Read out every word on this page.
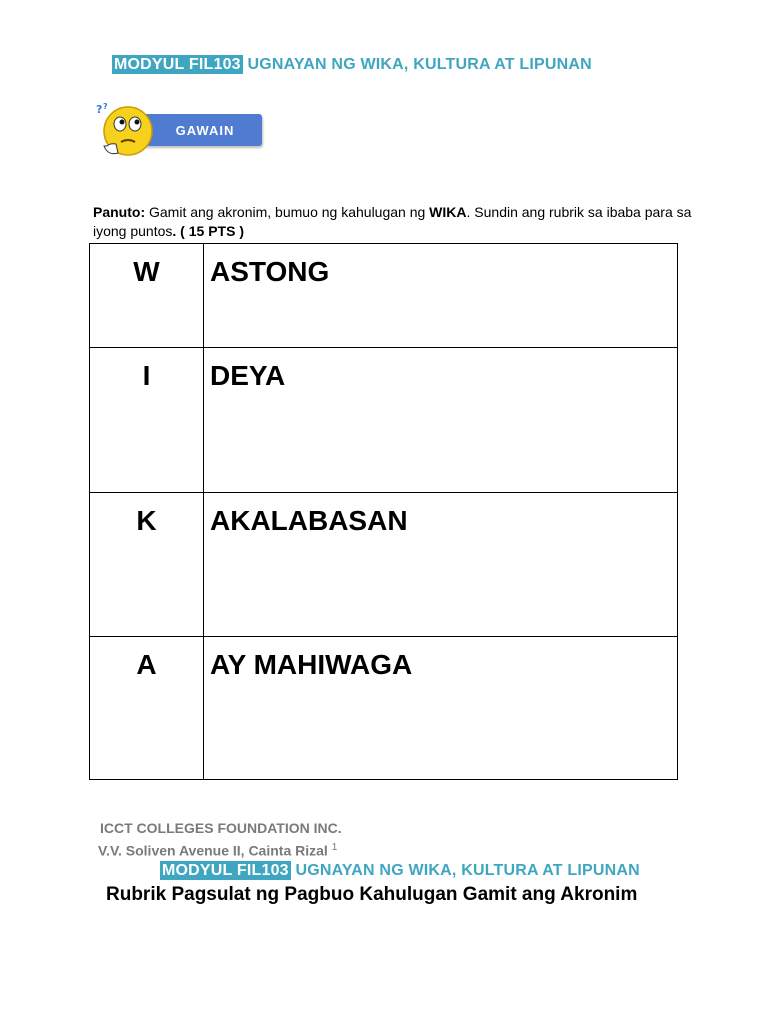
MODYUL FIL103 UGNAYAN NG WIKA, KULTURA AT LIPUNAN
GAWAIN
? ?
Panuto: Gamit ang akronim, bumuo ng kahulugan ng WIKA. Sundin ang rubrik sa ibaba para sa iyong puntos. ( 15 PTS )
W	ASTONG

I	DEYA

K	AKALABASAN

A	AY MAHIWAGA
ICCT COLLEGES FOUNDATION INC.
V.V. Soliven Avenue II, Cainta Rizal $^1$
MODYUL FIL103 UGNAYAN NG WIKA, KULTURA AT LIPUNAN
Rubrik Pagsulat ng Pagbuo Kahulugan Gamit ang Akronim
